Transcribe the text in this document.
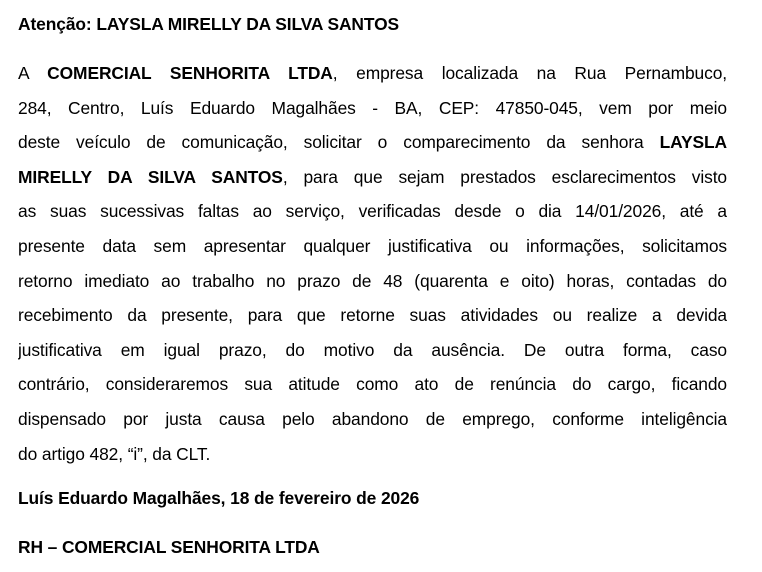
Atenção: LAYSLA MIRELLY DA SILVA SANTOS
A COMERCIAL SENHORITA LTDA, empresa localizada na Rua Pernambuco,
284, Centro, Luís Eduardo Magalhães - BA, CEP: 47850-045, vem por meio
deste veículo de comunicação, solicitar o comparecimento da senhora LAYSLA
MIRELLY DA SILVA SANTOS, para que sejam prestados esclarecimentos visto
as suas sucessivas faltas ao serviço, verificadas desde o dia 14/01/2026, até a
presente data sem apresentar qualquer justificativa ou informações, solicitamos
retorno imediato ao trabalho no prazo de 48 (quarenta e oito) horas, contadas do
recebimento da presente, para que retorne suas atividades ou realize a devida
justificativa em igual prazo, do motivo da ausência. De outra forma, caso
contrário, consideraremos sua atitude como ato de renúncia do cargo, ficando
dispensado por justa causa pelo abandono de emprego, conforme inteligência
do artigo 482, “i”, da CLT.
Luís Eduardo Magalhães, 18 de fevereiro de 2026
RH – COMERCIAL SENHORITA LTDA
